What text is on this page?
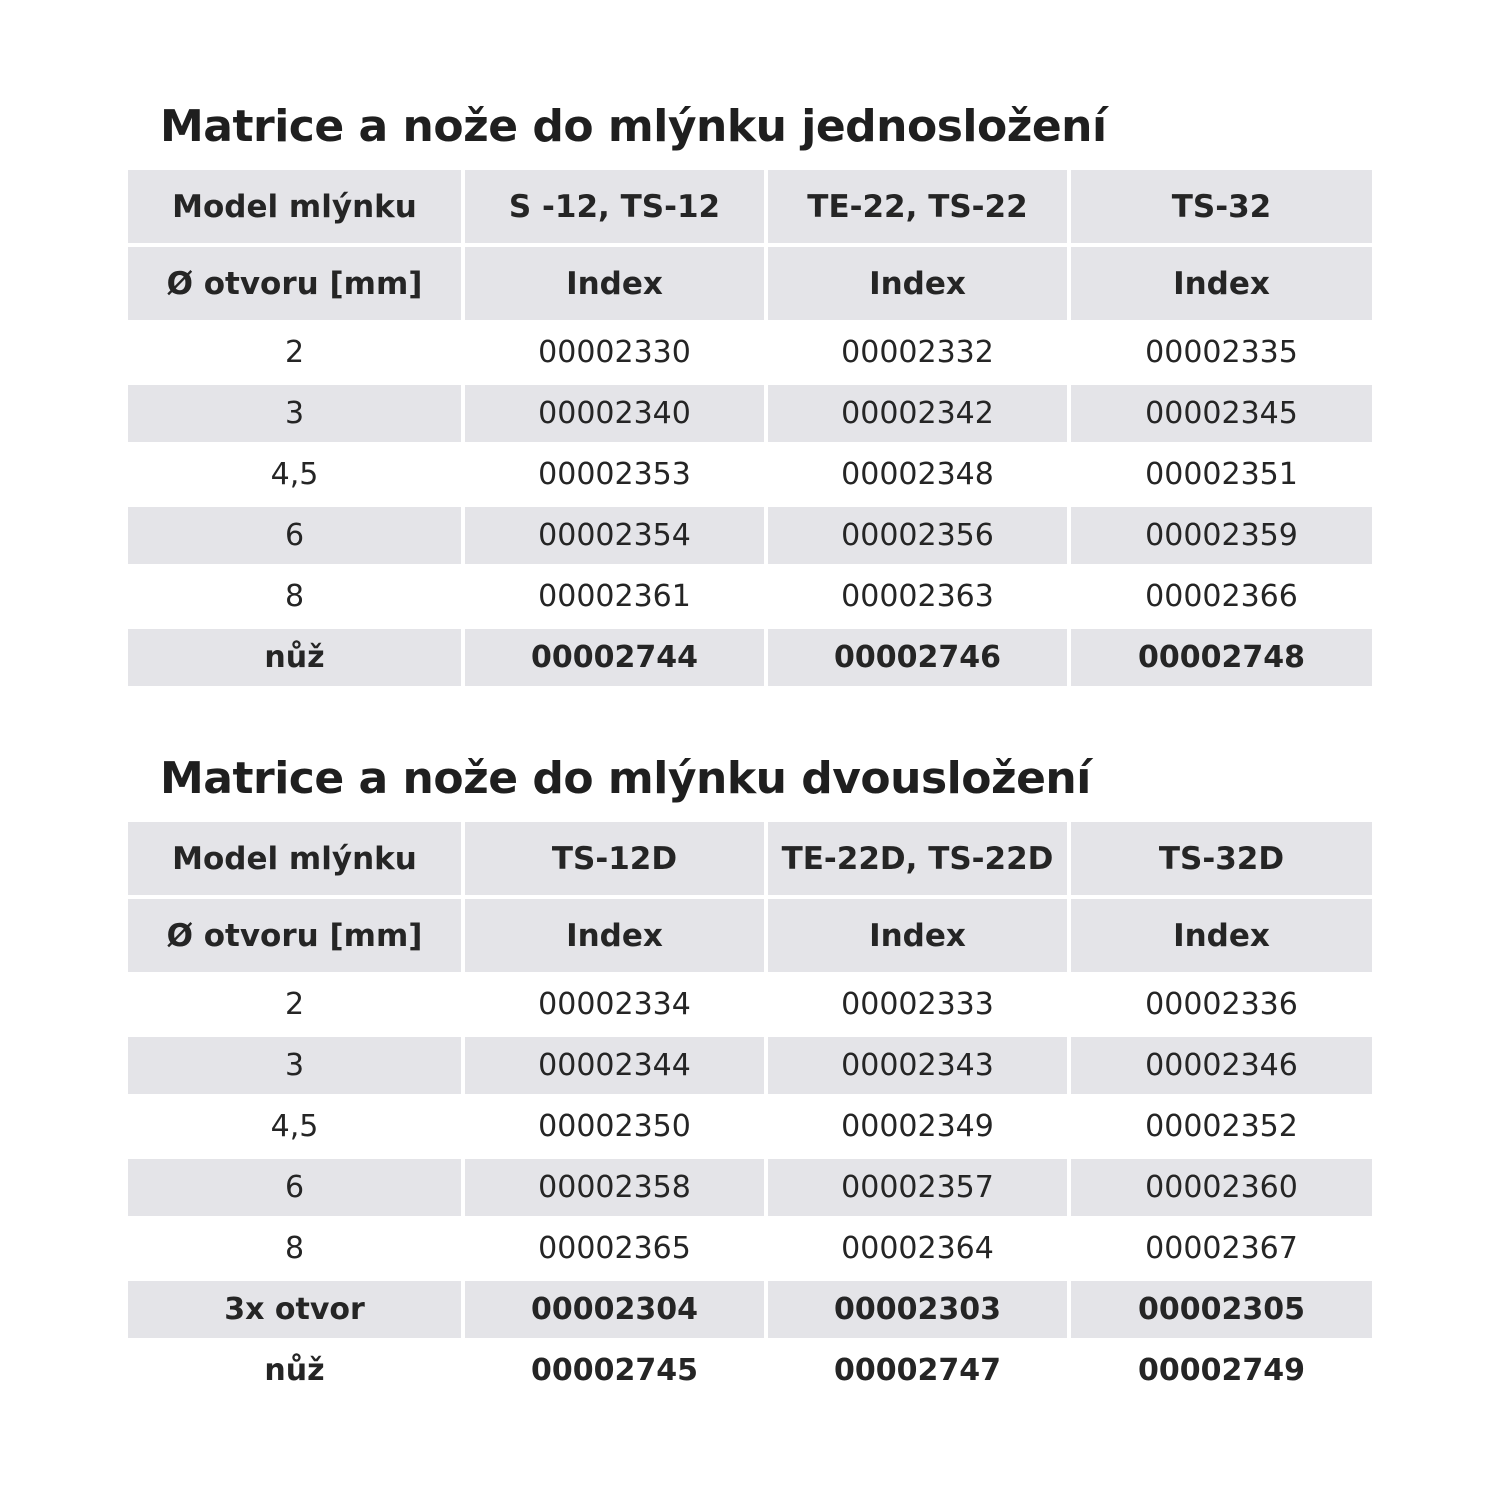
Matrice a nože do mlýnku jednosložení
Model mlýnku	S -12, TS-12	TE-22, TS-22	TS-32
Ø otvoru [mm]	Index	Index	Index
2	00002330	00002332	00002335
3	00002340	00002342	00002345
4,5	00002353	00002348	00002351
6	00002354	00002356	00002359
8	00002361	00002363	00002366
nůž	00002744	00002746	00002748
Matrice a nože do mlýnku dvousložení
Model mlýnku	TS-12D	TE-22D, TS-22D	TS-32D
Ø otvoru [mm]	Index	Index	Index
2	00002334	00002333	00002336
3	00002344	00002343	00002346
4,5	00002350	00002349	00002352
6	00002358	00002357	00002360
8	00002365	00002364	00002367
3x otvor	00002304	00002303	00002305
nůž	00002745	00002747	00002749
